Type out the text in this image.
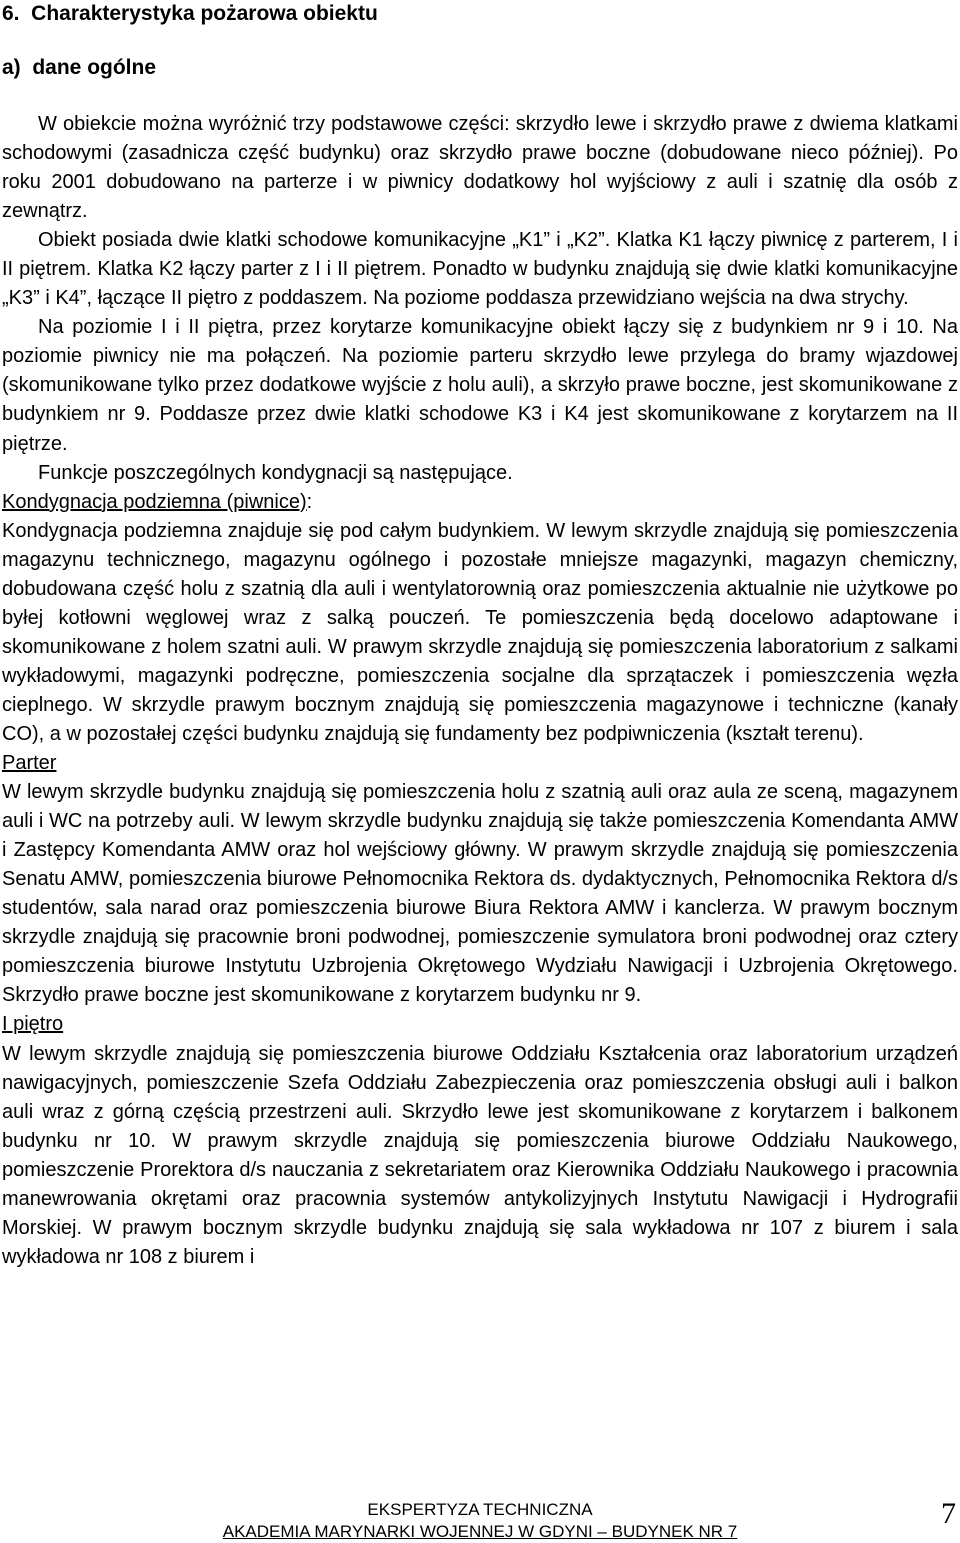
6.  Charakterystyka pożarowa obiektu
a)  dane ogólne

W obiekcie można wyróżnić trzy podstawowe części: skrzydło lewe i skrzydło prawe z dwiema klatkami schodowymi (zasadnicza część budynku) oraz skrzydło prawe boczne (dobudowane nieco później). Po roku 2001 dobudowano na parterze i w piwnicy dodatkowy hol wyjściowy z auli i szatnię dla osób z zewnątrz.

Obiekt posiada dwie klatki schodowe komunikacyjne „K1” i „K2”. Klatka K1 łączy piwnicę z parterem, I i II piętrem. Klatka K2 łączy parter z I i II piętrem. Ponadto w budynku znajdują się dwie klatki komunikacyjne „K3” i K4”, łączące II piętro z poddaszem. Na poziome poddasza przewidziano wejścia na dwa strychy.

Na poziomie I i II piętra, przez korytarze komunikacyjne obiekt łączy się z budynkiem nr 9 i 10. Na poziomie piwnicy nie ma połączeń. Na poziomie parteru skrzydło lewe przylega do bramy wjazdowej (skomunikowane tylko przez dodatkowe wyjście z holu auli), a skrzyło prawe boczne, jest skomunikowane z budynkiem nr 9. Poddasze przez dwie klatki schodowe K3 i K4 jest skomunikowane z korytarzem na II piętrze.

Funkcje poszczególnych kondygnacji są następujące.

Kondygnacja podziemna (piwnice):

Kondygnacja podziemna znajduje się pod całym budynkiem. W lewym skrzydle znajdują się pomieszczenia magazynu technicznego, magazynu ogólnego i pozostałe mniejsze magazynki, magazyn chemiczny, dobudowana część holu z szatnią dla auli i wentylatorownią oraz pomieszczenia aktualnie nie użytkowe po byłej kotłowni węglowej wraz z salką pouczeń. Te pomieszczenia będą docelowo adaptowane i skomunikowane z holem szatni auli. W prawym skrzydle znajdują się pomieszczenia laboratorium z salkami wykładowymi, magazynki podręczne, pomieszczenia socjalne dla sprzątaczek i pomieszczenia węzła cieplnego. W skrzydle prawym bocznym znajdują się pomieszczenia magazynowe i techniczne (kanały CO), a w pozostałej części budynku znajdują się fundamenty bez podpiwniczenia (kształt terenu).

Parter

W lewym skrzydle budynku znajdują się pomieszczenia holu z szatnią auli oraz aula ze sceną, magazynem auli i WC na potrzeby auli. W lewym skrzydle budynku znajdują się także pomieszczenia Komendanta AMW i Zastępcy Komendanta AMW oraz hol wejściowy główny. W prawym skrzydle znajdują się pomieszczenia Senatu AMW, pomieszczenia biurowe Pełnomocnika Rektora ds. dydaktycznych, Pełnomocnika Rektora d/s studentów, sala narad oraz pomieszczenia biurowe Biura Rektora AMW i kanclerza. W prawym bocznym skrzydle znajdują się pracownie broni podwodnej, pomieszczenie symulatora broni podwodnej oraz cztery pomieszczenia biurowe Instytutu Uzbrojenia Okrętowego Wydziału Nawigacji i Uzbrojenia Okrętowego. Skrzydło prawe boczne jest skomunikowane z korytarzem budynku nr 9.

I piętro

W lewym skrzydle znajdują się pomieszczenia biurowe Oddziału Kształcenia oraz laboratorium urządzeń nawigacyjnych, pomieszczenie Szefa Oddziału Zabezpieczenia oraz pomieszczenia obsługi auli i balkon auli wraz z górną częścią przestrzeni auli. Skrzydło lewe jest skomunikowane z korytarzem i balkonem budynku nr 10. W prawym skrzydle znajdują się pomieszczenia biurowe Oddziału Naukowego, pomieszczenie Prorektora d/s nauczania z sekretariatem oraz Kierownika Oddziału Naukowego i pracownia manewrowania okrętami oraz pracownia systemów antykolizyjnych Instytutu Nawigacji i Hydrografii Morskiej. W prawym bocznym skrzydle budynku znajdują się sala wykładowa nr 107 z biurem i sala wykładowa nr 108 z biurem i

EKSPERTYZA TECHNICZNA
AKADEMIA MARYNARKI WOJENNEJ W GDYNI – BUDYNEK NR 7
7
